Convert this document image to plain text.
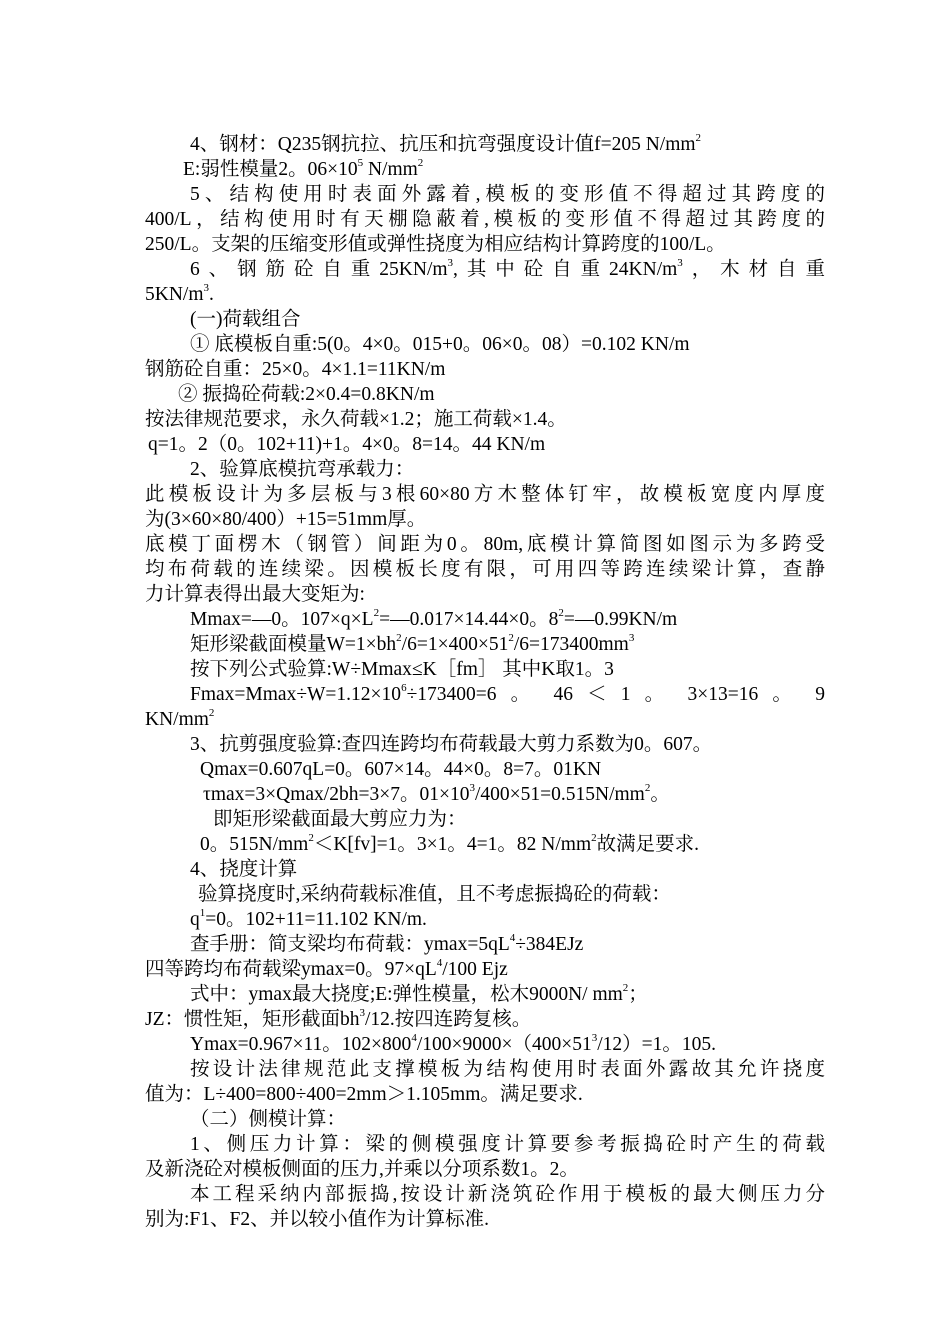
4、钢材：Q235钢抗拉、抗压和抗弯强度设计值f=205 $N/mm^2$
E:弱性模量2。$06\times 10^5$ $N/mm^2$
5、结构使用时表面外露着,模板的变形值不得超过其跨度的
400/L，结构使用时有天棚隐蔽着,模板的变形值不得超过其跨度的
250/L。支架的压缩变形值或弹性挠度为相应结构计算跨度的100/L。
6、钢筋砼自重$25KN/m^3$,其中砼自重$24KN/m^3$，木材自重
$5KN/m^3$.
(一)荷载组合
① 底模板自重:5(0。4×0。015+0。06×0。08）=0.102 KN/m
钢筋砼自重：25×0。4×1.1=11KN/m
② 振捣砼荷载:2×0.4=0.8KN/m
按法律规范要求，永久荷载×1.2；施工荷载×1.4。
q=1。2（0。102+11)+1。4×0。8=14。44 KN/m
2、验算底模抗弯承载力：
此模板设计为多层板与3根60×80方木整体钉牢，故模板宽度内厚度
为(3×60×80/400）+15=51mm厚。
底模丁面楞木（钢管）间距为0。80m,底模计算简图如图示为多跨受
均布荷载的连续梁。因模板长度有限，可用四等跨连续梁计算，查静
力计算表得出最大变矩为:
Mmax=—0。$107\times q\times L^2=—0.017\times 14.44\times 0$。$8^2=—0.99KN/m$
矩形梁截面模量$W=1\times bh^2/6=1\times 400\times 51^2/6=173400mm^3$
按下列公式验算:W÷Mmax≤K［fm］ 其中K取1。3
$Fmax=Mmax\div W=1.12\times 10^6\div 173400=6$ 。 46 ＜ 1 。 3×13=16 。 9
$KN/mm^2$
3、抗剪强度验算:查四连跨均布荷载最大剪力系数为0。607。
Qmax=0.607qL=0。607×14。44×0。8=7。01KN
τmax=3×Qmax/2bh=3×7。$01\times 10^3/400\times 51=0.515N/mm^2$。
即矩形梁截面最大剪应力为：
0。$515N/mm^2<K[fv]=1$。3×1。4=1。82 $N/mm^2$故满足要求.
4、挠度计算
验算挠度时,采纳荷载标准值，且不考虑振捣砼的荷载：
$q^1=0$。102+11=11.102 KN/m.
查手册：简支梁均布荷载：$ymax=5qL^4\div 384EJz$
四等跨均布荷载梁ymax=0。$97\times qL^4/100$ Ejz
式中：ymax最大挠度;E:弹性模量，松木9000N/ $mm^2$；
JZ：惯性矩，矩形截面$bh^3/12$.按四连跨复核。
Ymax=0.967×11。$102\times 800^4/100\times 9000\times(400\times 51^3/12)=1$。105.
按设计法律规范此支撑模板为结构使用时表面外露故其允许挠度
值为：L÷400=800÷400=2mm＞1.105mm。满足要求.
（二）侧模计算：
1、侧压力计算：梁的侧模强度计算要参考振捣砼时产生的荷载
及新浇砼对模板侧面的压力,并乘以分项系数1。2。
本工程采纳内部振捣,按设计新浇筑砼作用于模板的最大侧压力分
别为:F1、F2、并以较小值作为计算标准.
